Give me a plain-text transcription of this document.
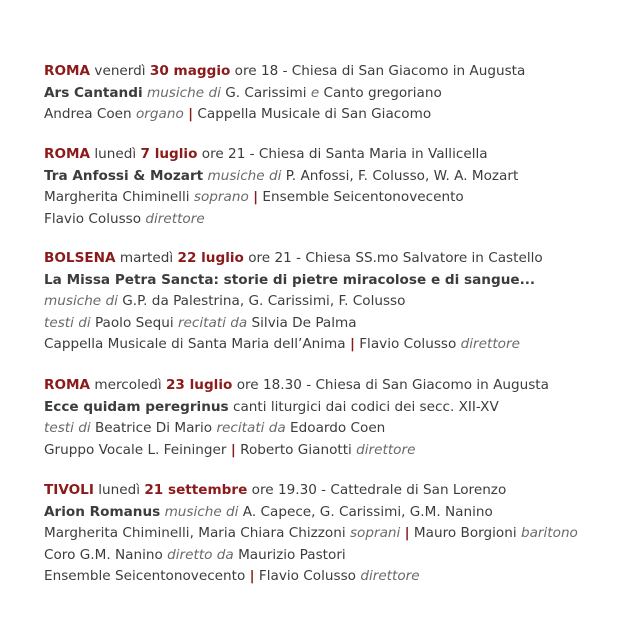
ROMA venerdì 30 maggio ore 18 - Chiesa di San Giacomo in Augusta
Ars Cantandi musiche di G. Carissimi e Canto gregoriano
Andrea Coen organo | Cappella Musicale di San Giacomo
ROMA lunedì 7 luglio ore 21 - Chiesa di Santa Maria in Vallicella
Tra Anfossi & Mozart musiche di P. Anfossi, F. Colusso, W. A. Mozart
Margherita Chiminelli soprano | Ensemble Seicentonovecento
Flavio Colusso direttore
BOLSENA martedì 22 luglio ore 21 - Chiesa SS.mo Salvatore in Castello
La Missa Petra Sancta: storie di pietre miracolose e di sangue...
musiche di G.P. da Palestrina, G. Carissimi, F. Colusso
testi di Paolo Sequi recitati da Silvia De Palma
Cappella Musicale di Santa Maria dell’Anima | Flavio Colusso direttore
ROMA mercoledì 23 luglio ore 18.30 - Chiesa di San Giacomo in Augusta
Ecce quidam peregrinus canti liturgici dai codici dei secc. XII-XV
testi di Beatrice Di Mario recitati da Edoardo Coen
Gruppo Vocale L. Feininger | Roberto Gianotti direttore
TIVOLI lunedì 21 settembre ore 19.30 - Cattedrale di San Lorenzo
Arion Romanus musiche di A. Capece, G. Carissimi, G.M. Nanino
Margherita Chiminelli, Maria Chiara Chizzoni soprani | Mauro Borgioni baritono
Coro G.M. Nanino diretto da Maurizio Pastori
Ensemble Seicentonovecento | Flavio Colusso direttore
